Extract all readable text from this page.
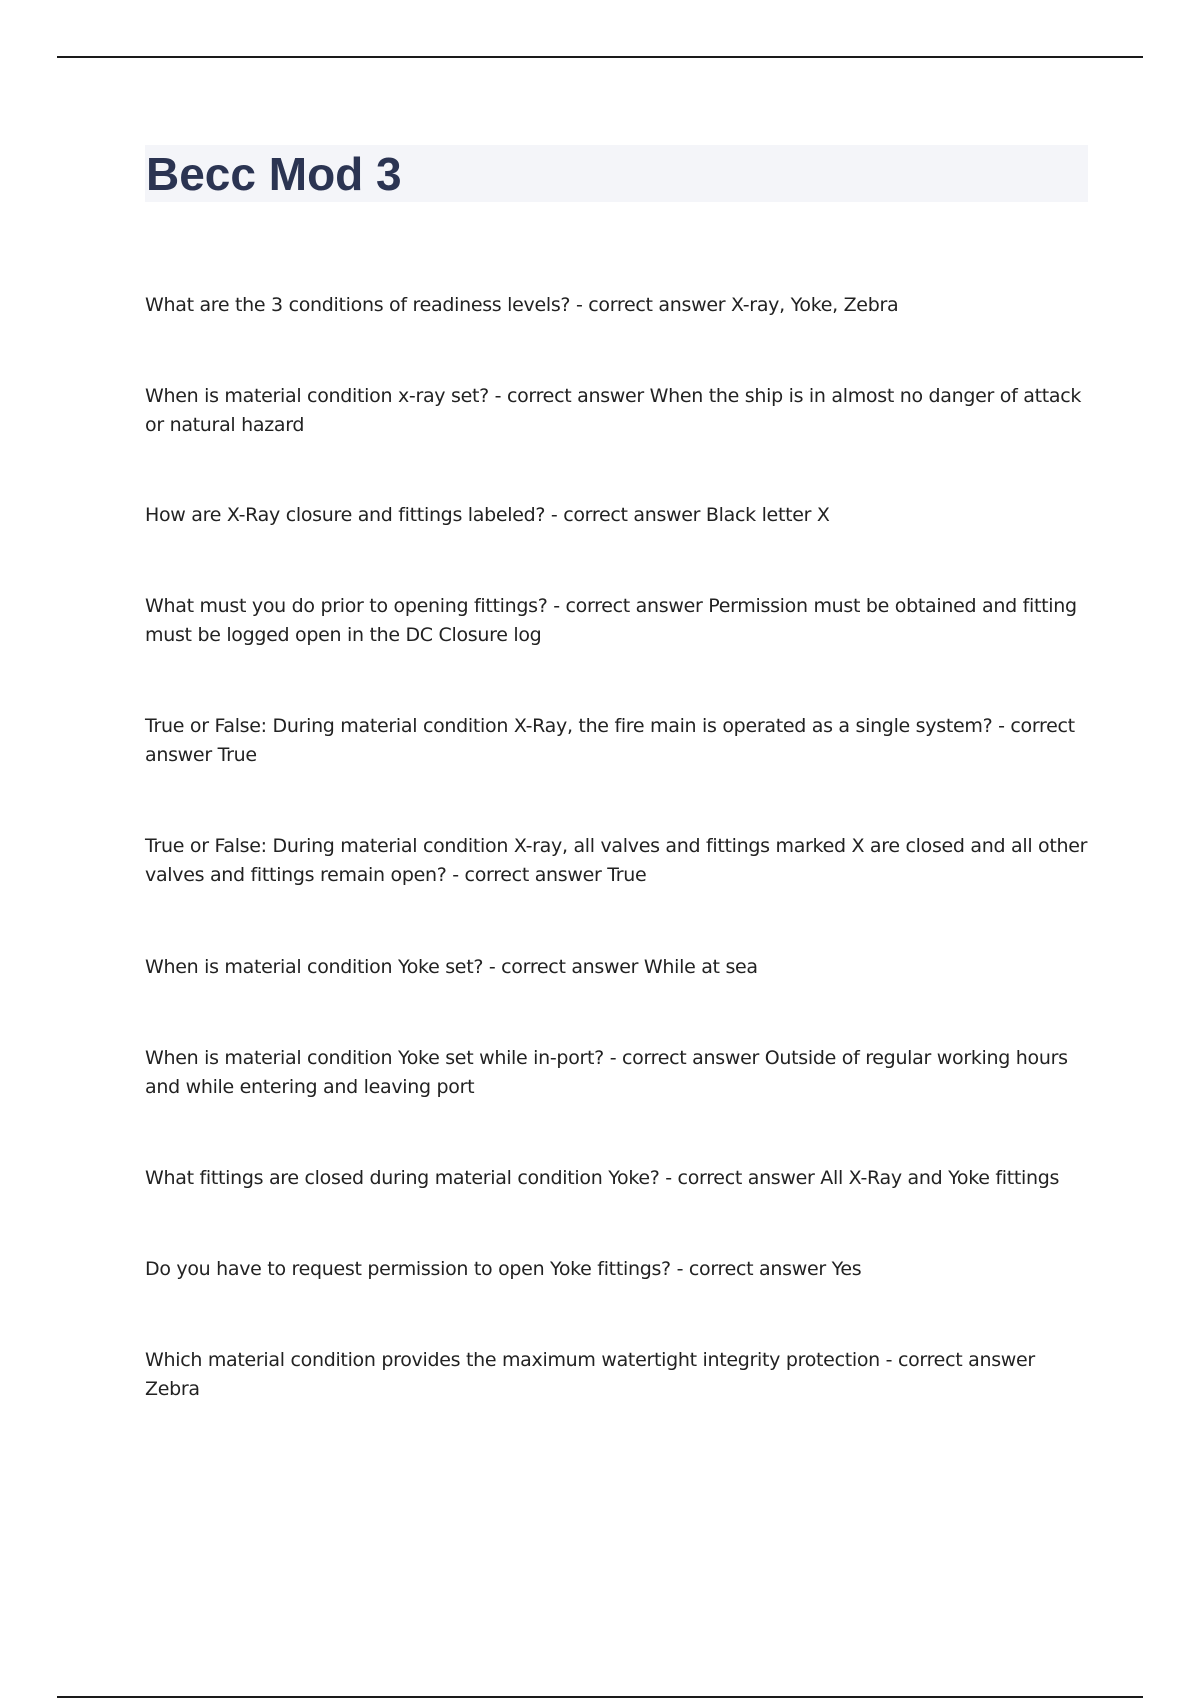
Becc Mod 3

What are the 3 conditions of readiness levels? - correct answer X-ray, Yoke, Zebra

When is material condition x-ray set? - correct answer When the ship is in almost no danger of attack or natural hazard

How are X-Ray closure and fittings labeled? - correct answer Black letter X

What must you do prior to opening fittings? - correct answer Permission must be obtained and fitting must be logged open in the DC Closure log

True or False: During material condition X-Ray, the fire main is operated as a single system? - correct answer True

True or False: During material condition X-ray, all valves and fittings marked X are closed and all other valves and fittings remain open? - correct answer True

When is material condition Yoke set? - correct answer While at sea

When is material condition Yoke set while in-port? - correct answer Outside of regular working hours and while entering and leaving port

What fittings are closed during material condition Yoke? - correct answer All X-Ray and Yoke fittings

Do you have to request permission to open Yoke fittings? - correct answer Yes

Which material condition provides the maximum watertight integrity protection - correct answer Zebra
